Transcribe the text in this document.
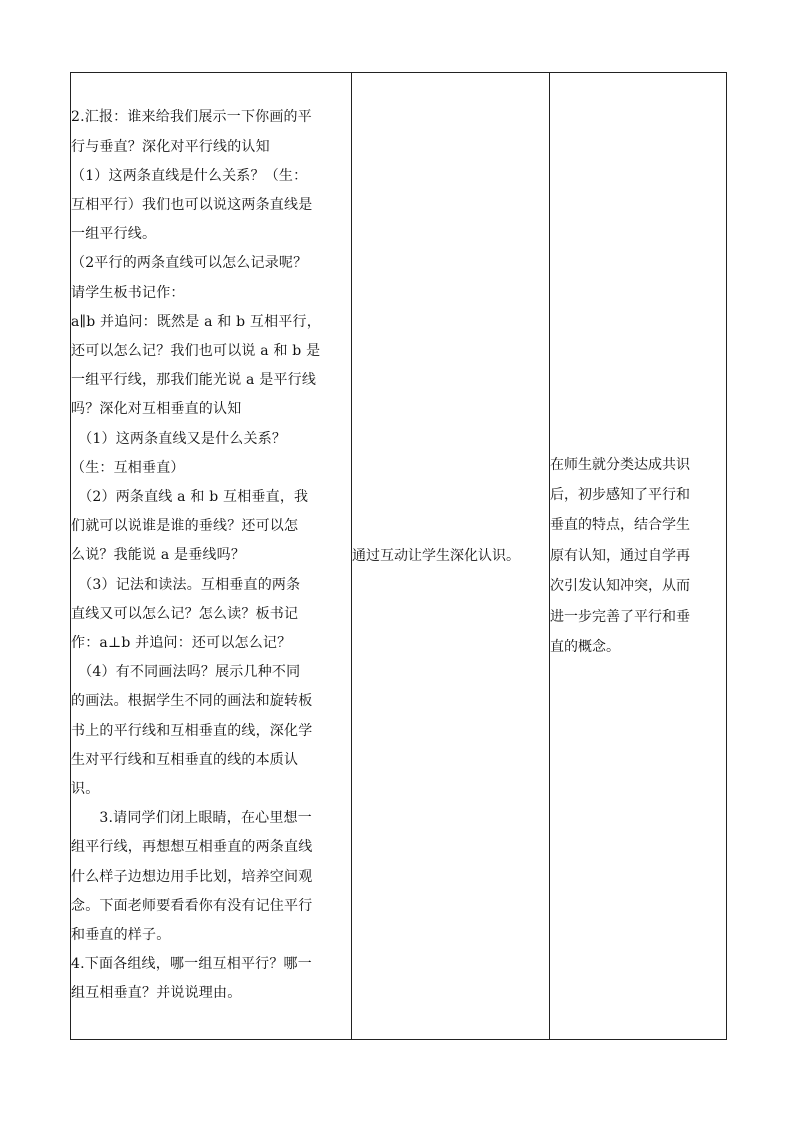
2.汇报：谁来给我们展示一下你画的平
行与垂直？深化对平行线的认知
（1）这两条直线是什么关系？（生：
互相平行）我们也可以说这两条直线是
一组平行线。
（2平行的两条直线可以怎么记录呢？
请学生板书记作：
a∥b 并追问：既然是 a 和 b 互相平行，
还可以怎么记？我们也可以说 a 和 b 是
一组平行线，那我们能光说 a 是平行线
吗？深化对互相垂直的认知
　（1）这两条直线又是什么关系？
（生：互相垂直）
　（2）两条直线 a 和 b 互相垂直，我
们就可以说谁是谁的垂线？还可以怎
么说？我能说 a 是垂线吗？
　（3）记法和读法。互相垂直的两条
直线又可以怎么记？怎么读？板书记
作：a⊥b 并追问：还可以怎么记？
　（4）有不同画法吗？展示几种不同
的画法。根据学生不同的画法和旋转板
书上的平行线和互相垂直的线，深化学
生对平行线和互相垂直的线的本质认
识。
　　3.请同学们闭上眼睛，在心里想一
组平行线，再想想互相垂直的两条直线
什么样子边想边用手比划，培养空间观
念。下面老师要看看你有没有记住平行
和垂直的样子。
4.下面各组线，哪一组互相平行？哪一
组互相垂直？并说说理由。

通过互动让学生深化认识。

在师生就分类达成共识
后，初步感知了平行和
垂直的特点，结合学生
原有认知，通过自学再
次引发认知冲突，从而
进一步完善了平行和垂
直的概念。
